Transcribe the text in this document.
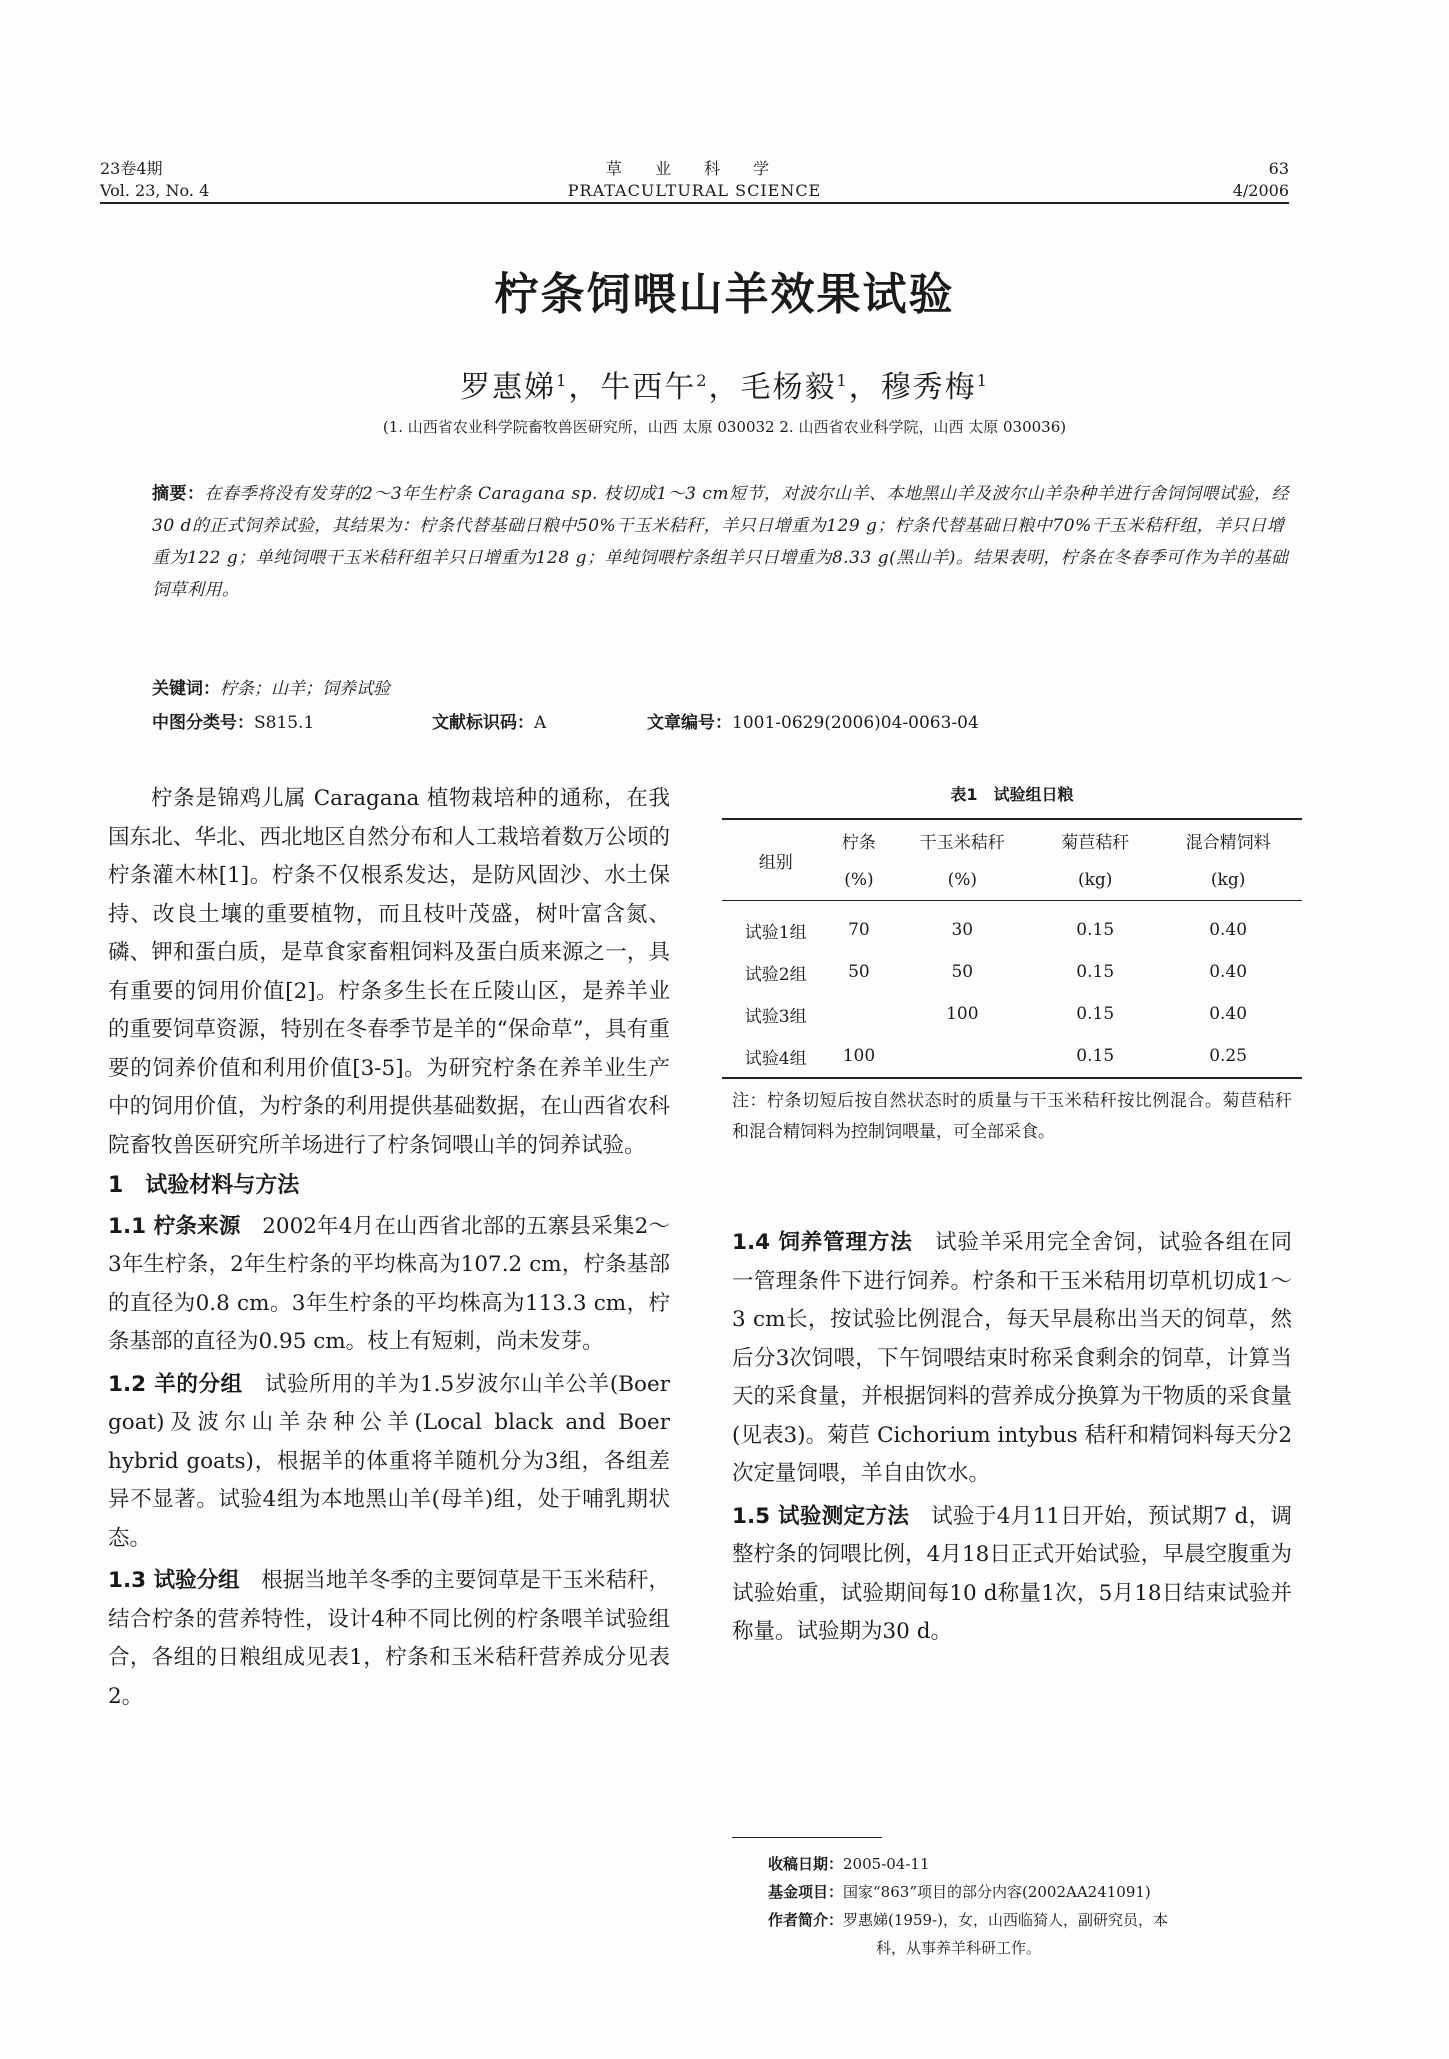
23卷4期
Vol. 23, No. 4
草 业 科 学
PRATACULTURAL SCIENCE
63
4/2006
柠条饲喂山羊效果试验
罗惠娣$^1$，牛西午$^2$，毛杨毅$^1$，穆秀梅$^1$
(1. 山西省农业科学院畜牧兽医研究所，山西 太原 030032 2. 山西省农业科学院，山西 太原 030036)
摘要：在春季将没有发芽的2～3年生柠条 Caragana sp. 枝切成1～3 cm短节，对波尔山羊、本地黑山羊及波尔山羊杂种羊进行舍饲饲喂试验，经30 d的正式饲养试验，其结果为：柠条代替基础日粮中50%干玉米秸秆，羊只日增重为129 g；柠条代替基础日粮中70%干玉米秸秆组，羊只日增重为122 g；单纯饲喂干玉米秸秆组羊只日增重为128 g；单纯饲喂柠条组羊只日增重为8.33 g(黑山羊)。结果表明，柠条在冬春季可作为羊的基础饲草利用。
关键词：柠条；山羊；饲养试验
中图分类号：S815.1	文献标识码：A	文章编号：1001-0629(2006)04-0063-04

柠条是锦鸡儿属 Caragana 植物栽培种的通称，在我国东北、华北、西北地区自然分布和人工栽培着数万公顷的柠条灌木林[1]。柠条不仅根系发达，是防风固沙、水土保持、改良土壤的重要植物，而且枝叶茂盛，树叶富含氮、磷、钾和蛋白质，是草食家畜粗饲料及蛋白质来源之一，具有重要的饲用价值[2]。柠条多生长在丘陵山区，是养羊业的重要饲草资源，特别在冬春季节是羊的“保命草”，具有重要的饲养价值和利用价值[3-5]。为研究柠条在养羊业生产中的饲用价值，为柠条的利用提供基础数据，在山西省农科院畜牧兽医研究所羊场进行了柠条饲喂山羊的饲养试验。

1　试验材料与方法

1.1 柠条来源　 2002年4月在山西省北部的五寨县采集2～3年生柠条，2年生柠条的平均株高为107.2 cm，柠条基部的直径为0.8 cm。3年生柠条的平均株高为113.3 cm，柠条基部的直径为0.95 cm。枝上有短刺，尚未发芽。

1.2 羊的分组　 试验所用的羊为1.5岁波尔山羊公羊(Boer goat)及波尔山羊杂种公羊(Local black and Boer hybrid goats)，根据羊的体重将羊随机分为3组，各组差异不显著。试验4组为本地黑山羊(母羊)组，处于哺乳期状态。

1.3 试验分组　 根据当地羊冬季的主要饲草是干玉米秸秆，结合柠条的营养特性，设计4种不同比例的柠条喂羊试验组合，各组的日粮组成见表1，柠条和玉米秸秆营养成分见表2。

表1　试验组日粮
组别	柠条	干玉米秸秆	菊苣秸秆	混合精饲料
	(%)	(%)	(kg)	(kg)
试验1组	70	30	0.15	0.40
试验2组	50	50	0.15	0.40
试验3组		100	0.15	0.40
试验4组	100		0.15	0.25
注：柠条切短后按自然状态时的质量与干玉米秸秆按比例混合。菊苣秸秆和混合精饲料为控制饲喂量，可全部采食。

1.4 饲养管理方法　 试验羊采用完全舍饲，试验各组在同一管理条件下进行饲养。柠条和干玉米秸用切草机切成1～3 cm长，按试验比例混合，每天早晨称出当天的饲草，然后分3次饲喂，下午饲喂结束时称采食剩余的饲草，计算当天的采食量，并根据饲料的营养成分换算为干物质的采食量(见表3)。菊苣 Cichorium intybus 秸秆和精饲料每天分2次定量饲喂，羊自由饮水。

1.5 试验测定方法　 试验于4月11日开始，预试期7 d，调整柠条的饲喂比例，4月18日正式开始试验，早晨空腹重为试验始重，试验期间每10 d称量1次，5月18日结束试验并称量。试验期为30 d。

收稿日期：2005-04-11

基金项目：国家“863”项目的部分内容(2002AA241091)

作者简介：罗惠娣(1959-)，女，山西临猗人，副研究员，本

科，从事养羊科研工作。
